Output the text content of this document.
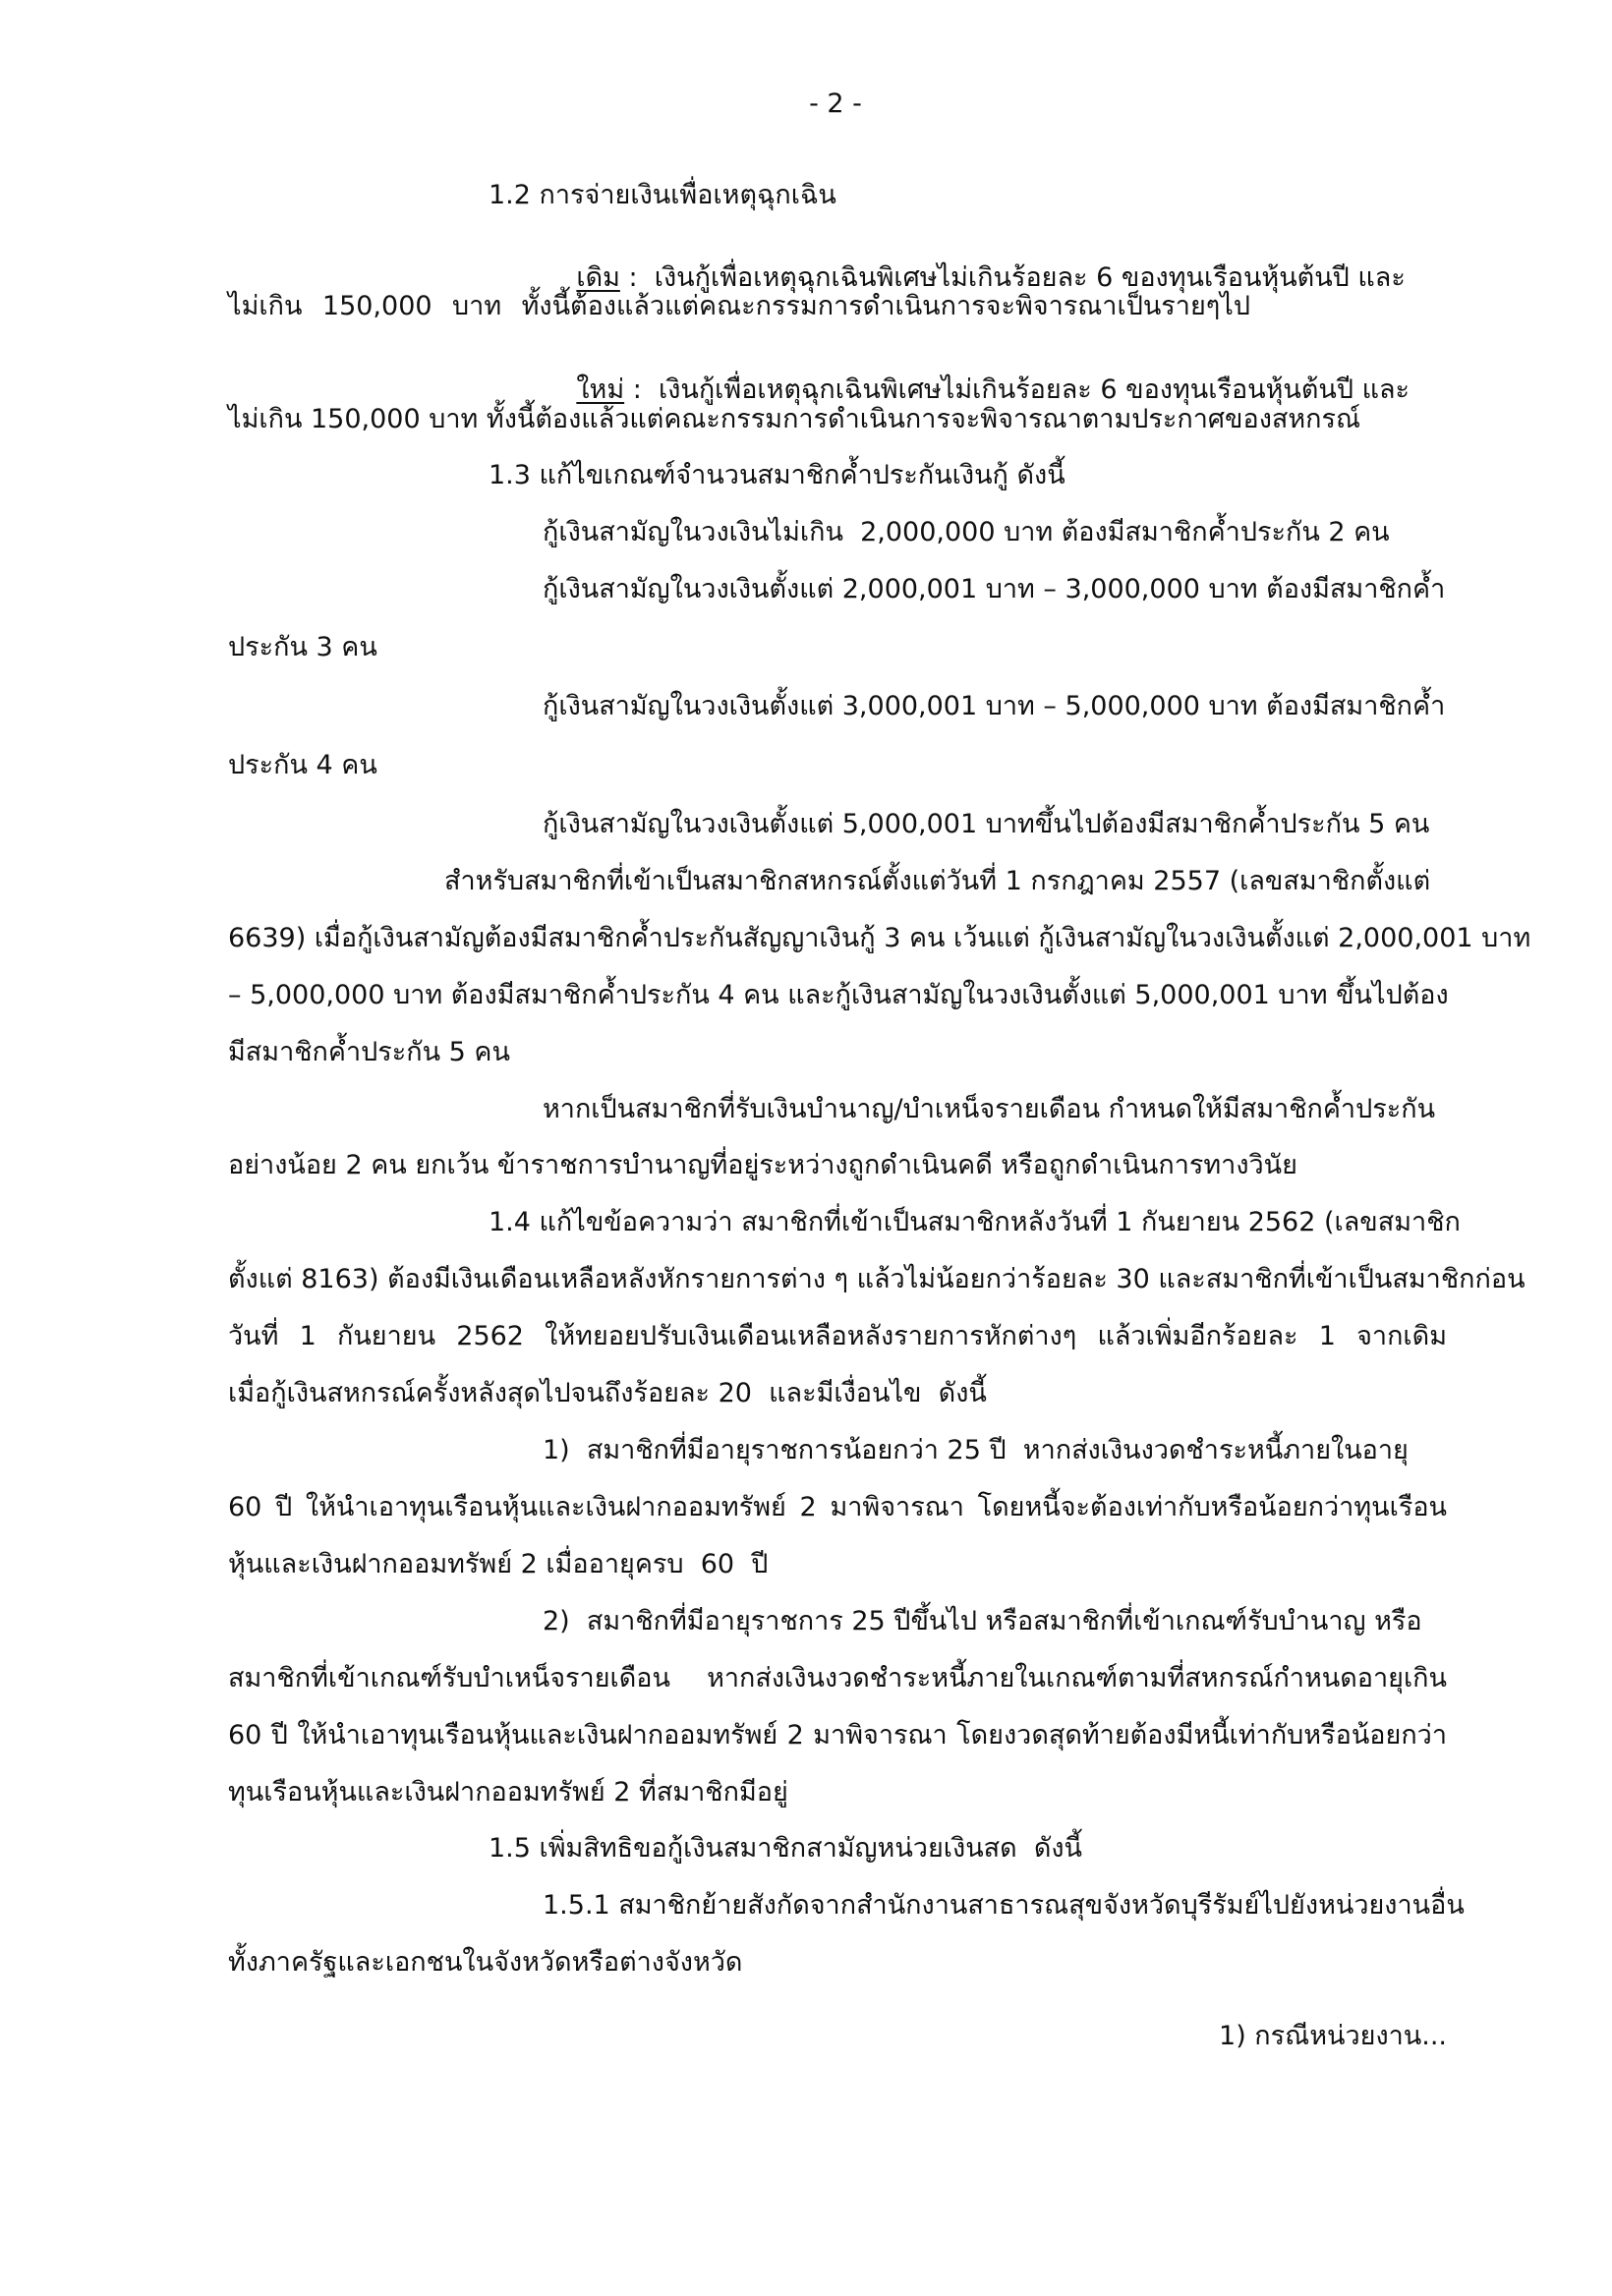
- 2 -
1.2 การจ่ายเงินเพื่อเหตุฉุกเฉิน

เดิม :  เงินกู้เพื่อเหตุฉุกเฉินพิเศษไม่เกินร้อยละ 6 ของทุนเรือนหุ้นต้นปี และ

ไม่เกิน 150,000 บาท ทั้งนี้ต้องแล้วแต่คณะกรรมการดำเนินการจะพิจารณาเป็นรายๆไป

ใหม่ :  เงินกู้เพื่อเหตุฉุกเฉินพิเศษไม่เกินร้อยละ 6 ของทุนเรือนหุ้นต้นปี และ

ไม่เกิน 150,000 บาท ทั้งนี้ต้องแล้วแต่คณะกรรมการดำเนินการจะพิจารณาตามประกาศของสหกรณ์
1.3 แก้ไขเกณฑ์จำนวนสมาชิกค้ำประกันเงินกู้ ดังนี้
กู้เงินสามัญในวงเงินไม่เกิน  2,000,000 บาท ต้องมีสมาชิกค้ำประกัน 2 คน
กู้เงินสามัญในวงเงินตั้งแต่ 2,000,001 บาท – 3,000,000 บาท ต้องมีสมาชิกค้ำ
ประกัน 3 คน
กู้เงินสามัญในวงเงินตั้งแต่ 3,000,001 บาท – 5,000,000 บาท ต้องมีสมาชิกค้ำ
ประกัน 4 คน
กู้เงินสามัญในวงเงินตั้งแต่ 5,000,001 บาทขึ้นไปต้องมีสมาชิกค้ำประกัน 5 คน
สำหรับสมาชิกที่เข้าเป็นสมาชิกสหกรณ์ตั้งแต่วันที่ 1 กรกฎาคม 2557 (เลขสมาชิกตั้งแต่
6639) เมื่อกู้เงินสามัญต้องมีสมาชิกค้ำประกันสัญญาเงินกู้ 3 คน เว้นแต่ กู้เงินสามัญในวงเงินตั้งแต่ 2,000,001 บาท
– 5,000,000 บาท ต้องมีสมาชิกค้ำประกัน 4 คน และกู้เงินสามัญในวงเงินตั้งแต่ 5,000,001 บาท ขึ้นไปต้อง
มีสมาชิกค้ำประกัน 5 คน
หากเป็นสมาชิกที่รับเงินบำนาญ/บำเหน็จรายเดือน กำหนดให้มีสมาชิกค้ำประกัน
อย่างน้อย 2 คน ยกเว้น ข้าราชการบำนาญที่อยู่ระหว่างถูกดำเนินคดี หรือถูกดำเนินการทางวินัย
1.4 แก้ไขข้อความว่า สมาชิกที่เข้าเป็นสมาชิกหลังวันที่ 1 กันยายน 2562 (เลขสมาชิก
ตั้งแต่ 8163) ต้องมีเงินเดือนเหลือหลังหักรายการต่าง ๆ แล้วไม่น้อยกว่าร้อยละ 30 และสมาชิกที่เข้าเป็นสมาชิกก่อน
วันที่ 1 กันยายน 2562 ให้ทยอยปรับเงินเดือนเหลือหลังรายการหักต่างๆ แล้วเพิ่มอีกร้อยละ 1 จากเดิม
เมื่อกู้เงินสหกรณ์ครั้งหลังสุดไปจนถึงร้อยละ 20  และมีเงื่อนไข  ดังนี้
1)  สมาชิกที่มีอายุราชการน้อยกว่า 25 ปี  หากส่งเงินงวดชำระหนี้ภายในอายุ
60 ปี ให้นำเอาทุนเรือนหุ้นและเงินฝากออมทรัพย์ 2 มาพิจารณา โดยหนี้จะต้องเท่ากับหรือน้อยกว่าทุนเรือน
หุ้นและเงินฝากออมทรัพย์ 2 เมื่ออายุครบ  60  ปี
2)  สมาชิกที่มีอายุราชการ 25 ปีขึ้นไป หรือสมาชิกที่เข้าเกณฑ์รับบำนาญ หรือ
สมาชิกที่เข้าเกณฑ์รับบำเหน็จรายเดือน หากส่งเงินงวดชำระหนี้ภายในเกณฑ์ตามที่สหกรณ์กำหนดอายุเกิน
60 ปี ให้นำเอาทุนเรือนหุ้นและเงินฝากออมทรัพย์ 2 มาพิจารณา โดยงวดสุดท้ายต้องมีหนี้เท่ากับหรือน้อยกว่า
ทุนเรือนหุ้นและเงินฝากออมทรัพย์ 2 ที่สมาชิกมีอยู่
1.5 เพิ่มสิทธิขอกู้เงินสมาชิกสามัญหน่วยเงินสด  ดังนี้
1.5.1 สมาชิกย้ายสังกัดจากสำนักงานสาธารณสุขจังหวัดบุรีรัมย์ไปยังหน่วยงานอื่น
ทั้งภาครัฐและเอกชนในจังหวัดหรือต่างจังหวัด
1) กรณีหน่วยงาน...
